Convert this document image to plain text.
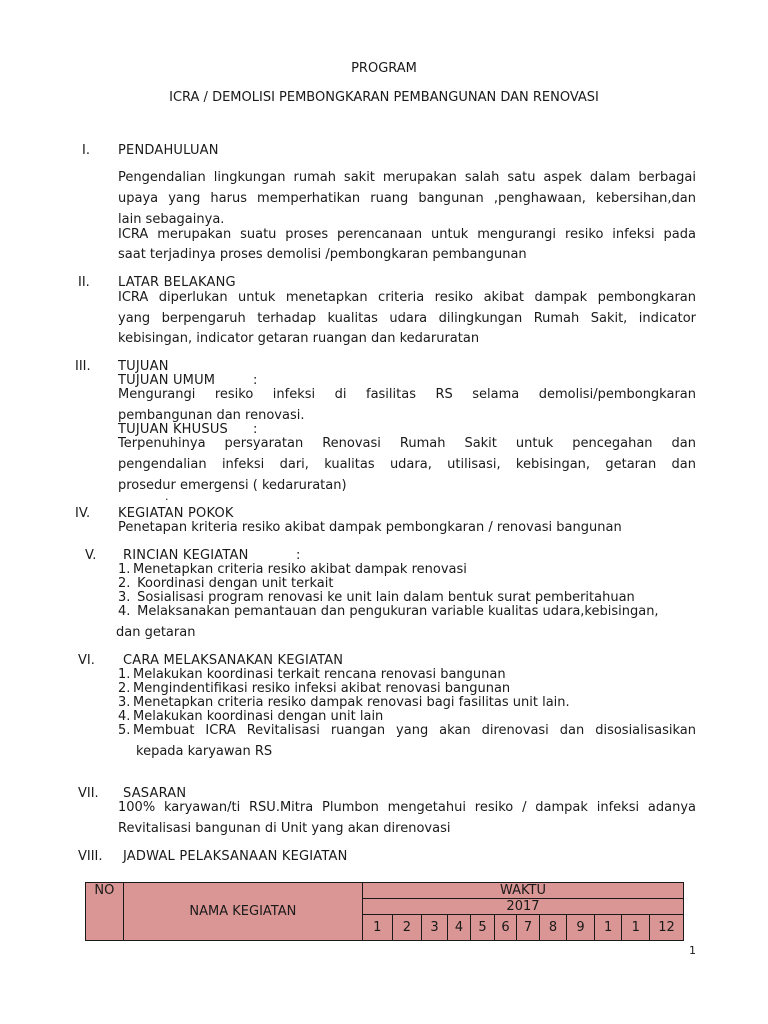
PROGRAM
ICRA / DEMOLISI PEMBONGKARAN PEMBANGUNAN DAN RENOVASI
I. PENDAHULUAN
Pengendalian lingkungan rumah sakit merupakan salah satu aspek dalam berbagai
upaya yang harus memperhatikan ruang bangunan ,penghawaan, kebersihan,dan
lain sebagainya.
ICRA merupakan suatu proses perencanaan untuk mengurangi resiko infeksi pada
saat terjadinya proses demolisi /pembongkaran pembangunan
II. LATAR BELAKANG
ICRA diperlukan untuk menetapkan criteria resiko akibat dampak pembongkaran
yang berpengaruh terhadap kualitas udara dilingkungan Rumah Sakit, indicator
kebisingan, indicator getaran ruangan dan kedaruratan
III. TUJUAN
TUJUAN UMUM	:
Mengurangi resiko infeksi di fasilitas RS selama demolisi/pembongkaran
pembangunan dan renovasi.
TUJUAN KHUSUS :
Terpenuhinya persyaratan Renovasi Rumah Sakit untuk pencegahan dan
pengendalian infeksi dari, kualitas udara, utilisasi, kebisingan, getaran dan
prosedur emergensi ( kedaruratan)
.
IV. KEGIATAN POKOK
Penetapan kriteria resiko akibat dampak pembongkaran / renovasi bangunan
V. RINCIAN KEGIATAN	:
1. Menetapkan criteria resiko akibat dampak renovasi
2. Koordinasi dengan unit terkait
3. Sosialisasi program renovasi ke unit lain dalam bentuk surat pemberitahuan
4. Melaksanakan pemantauan dan pengukuran variable kualitas udara,kebisingan,
dan getaran
VI. CARA MELAKSANAKAN KEGIATAN
1. Melakukan koordinasi terkait rencana renovasi bangunan
2. Mengindentifikasi resiko infeksi akibat renovasi bangunan
3. Menetapkan criteria resiko dampak renovasi bagi fasilitas unit lain.
4. Melakukan koordinasi dengan unit lain
5. Membuat ICRA Revitalisasi ruangan yang akan direnovasi dan disosialisasikan
kepada karyawan RS
VII. SASARAN
100% karyawan/ti RSU.Mitra Plumbon mengetahui resiko / dampak infeksi adanya
Revitalisasi bangunan di Unit yang akan direnovasi
VIII. JADWAL PELAKSANAAN KEGIATAN
NO	NAMA KEGIATAN	WAKTU											
		2017											
		1	2	3	4	5	6	7	8	9	1	1	12
1
